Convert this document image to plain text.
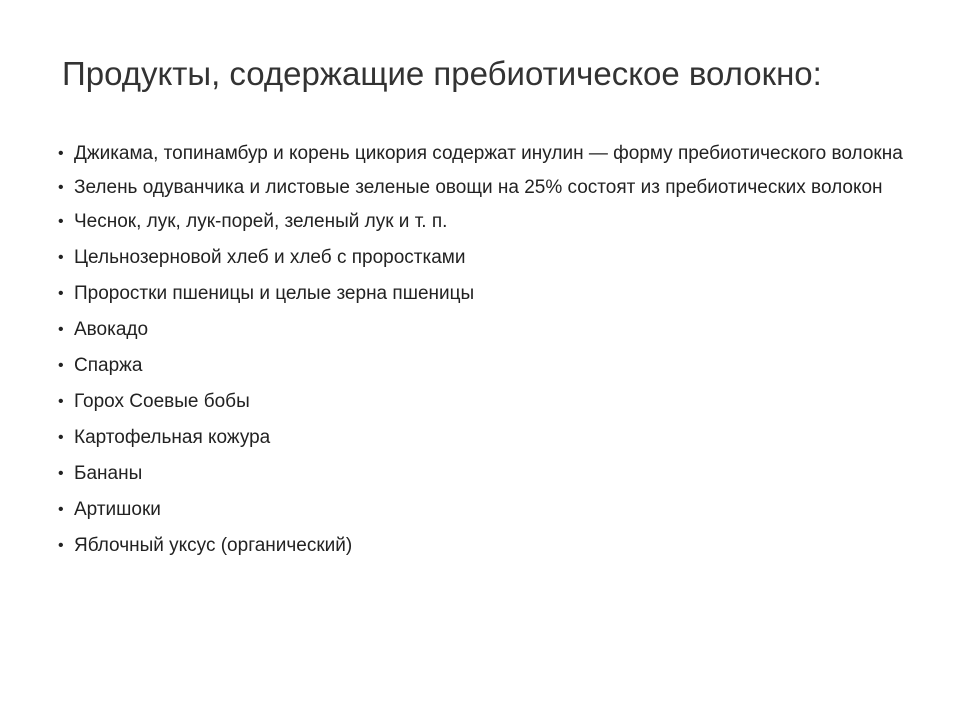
Продукты, содержащие пребиотическое волокно:
• Джикама, топинамбур и корень цикория содержат инулин — форму пребиотического волокна
• Зелень одуванчика и листовые зеленые овощи на 25% состоят из пребиотических волокон
• Чеснок, лук, лук-порей, зеленый лук и т. п.
• Цельнозерновой хлеб и хлеб с проростками
• Проростки пшеницы и целые зерна пшеницы
• Авокадо
• Спаржа
• Горох Соевые бобы
• Картофельная кожура
• Бананы
• Артишоки
• Яблочный уксус (органический)
